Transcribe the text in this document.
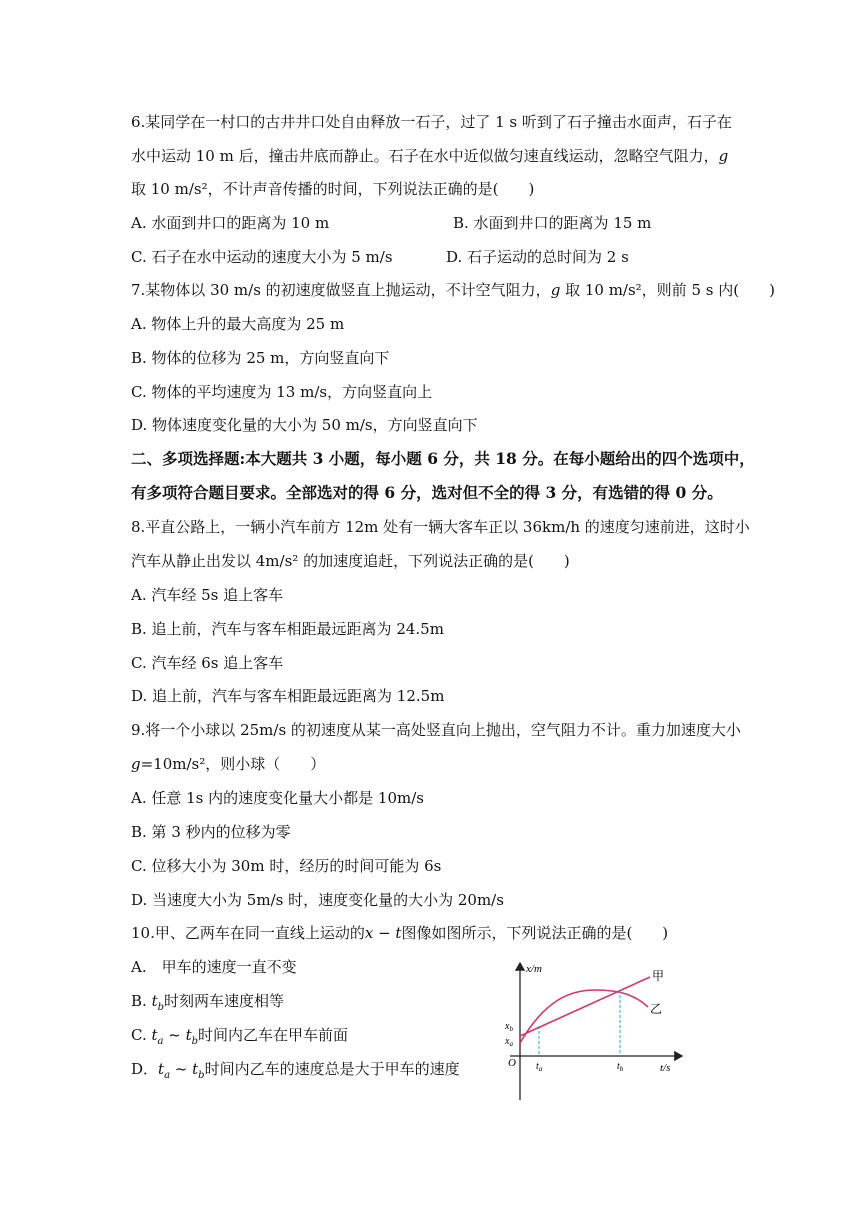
6.某同学在一村口的古井井口处自由释放一石子，过了 1 s 听到了石子撞击水面声，石子在
水中运动 10 m 后，撞击井底而静止。石子在水中近似做匀速直线运动，忽略空气阻力，g
取 10 m/s²，不计声音传播的时间，下列说法正确的是(　　)
A. 水面到井口的距离为 10 m	B. 水面到井口的距离为 15 m
C. 石子在水中运动的速度大小为 5 m/s	D. 石子运动的总时间为 2 s
7.某物体以 30 m/s 的初速度做竖直上抛运动，不计空气阻力，g 取 10 m/s²，则前 5 s 内(　　)
A. 物体上升的最大高度为 25 m
B. 物体的位移为 25 m，方向竖直向下
C. 物体的平均速度为 13 m/s，方向竖直向上
D. 物体速度变化量的大小为 50 m/s，方向竖直向下
二、多项选择题:本大题共 3 小题，每小题 6 分，共 18 分。在每小题给出的四个选项中，
有多项符合题目要求。全部选对的得 6 分，选对但不全的得 3 分，有选错的得 0 分。
8.平直公路上，一辆小汽车前方 12m 处有一辆大客车正以 36km/h 的速度匀速前进，这时小
汽车从静止出发以 4m/s² 的加速度追赶，下列说法正确的是(　　)
A. 汽车经 5s 追上客车
B. 追上前，汽车与客车相距最远距离为 24.5m
C. 汽车经 6s 追上客车
D. 追上前，汽车与客车相距最远距离为 12.5m
9.将一个小球以 25m/s 的初速度从某一高处竖直向上抛出，空气阻力不计。重力加速度大小
g=10m/s²，则小球（　　）
A. 任意 1s 内的速度变化量大小都是 10m/s
B. 第 3 秒内的位移为零
C. 位移大小为 30m 时，经历的时间可能为 6s
D. 当速度大小为 5m/s 时，速度变化量的大小为 20m/s
10.甲、乙两车在同一直线上运动的x − t图像如图所示，下列说法正确的是(　　)
A.　甲车的速度一直不变
B. $t_b$时刻两车速度相等
C. $t_a$ ~ $t_b$时间内乙车在甲车前面
D．$t_a$ ~ $t_b$时间内乙车的速度总是大于甲车的速度
x/m
t/s
O
甲
乙
$x_b$
$x_a$
$t_a$	$t_b$
